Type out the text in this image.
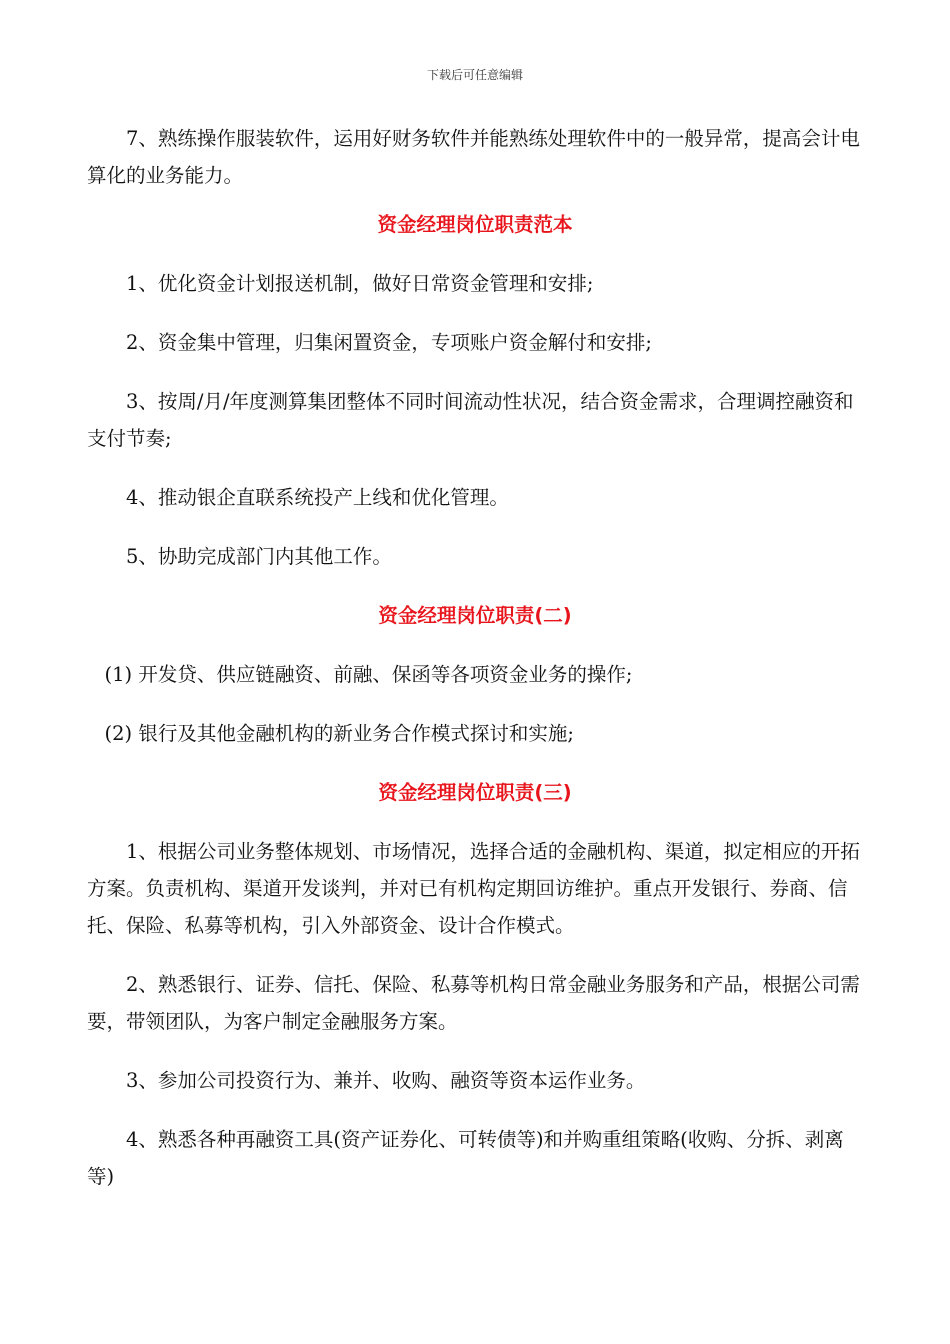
下载后可任意编辑

7、熟练操作服装软件，运用好财务软件并能熟练处理软件中的一般异常，提高会计电算化的业务能力。

资金经理岗位职责范本

1、优化资金计划报送机制，做好日常资金管理和安排;

2、资金集中管理，归集闲置资金，专项账户资金解付和安排;

3、按周/月/年度测算集团整体不同时间流动性状况，结合资金需求，合理调控融资和支付节奏;

4、推动银企直联系统投产上线和优化管理。

5、协助完成部门内其他工作。

资金经理岗位职责(二)

(1) 开发贷、供应链融资、前融、保函等各项资金业务的操作;

(2) 银行及其他金融机构的新业务合作模式探讨和实施;

资金经理岗位职责(三)

1、根据公司业务整体规划、市场情况，选择合适的金融机构、渠道，拟定相应的开拓方案。负责机构、渠道开发谈判，并对已有机构定期回访维护。重点开发银行、券商、信托、保险、私募等机构，引入外部资金、设计合作模式。

2、熟悉银行、证券、信托、保险、私募等机构日常金融业务服务和产品，根据公司需要，带领团队，为客户制定金融服务方案。

3、参加公司投资行为、兼并、收购、融资等资本运作业务。

4、熟悉各种再融资工具(资产证券化、可转债等)和并购重组策略(收购、分拆、剥离等)
